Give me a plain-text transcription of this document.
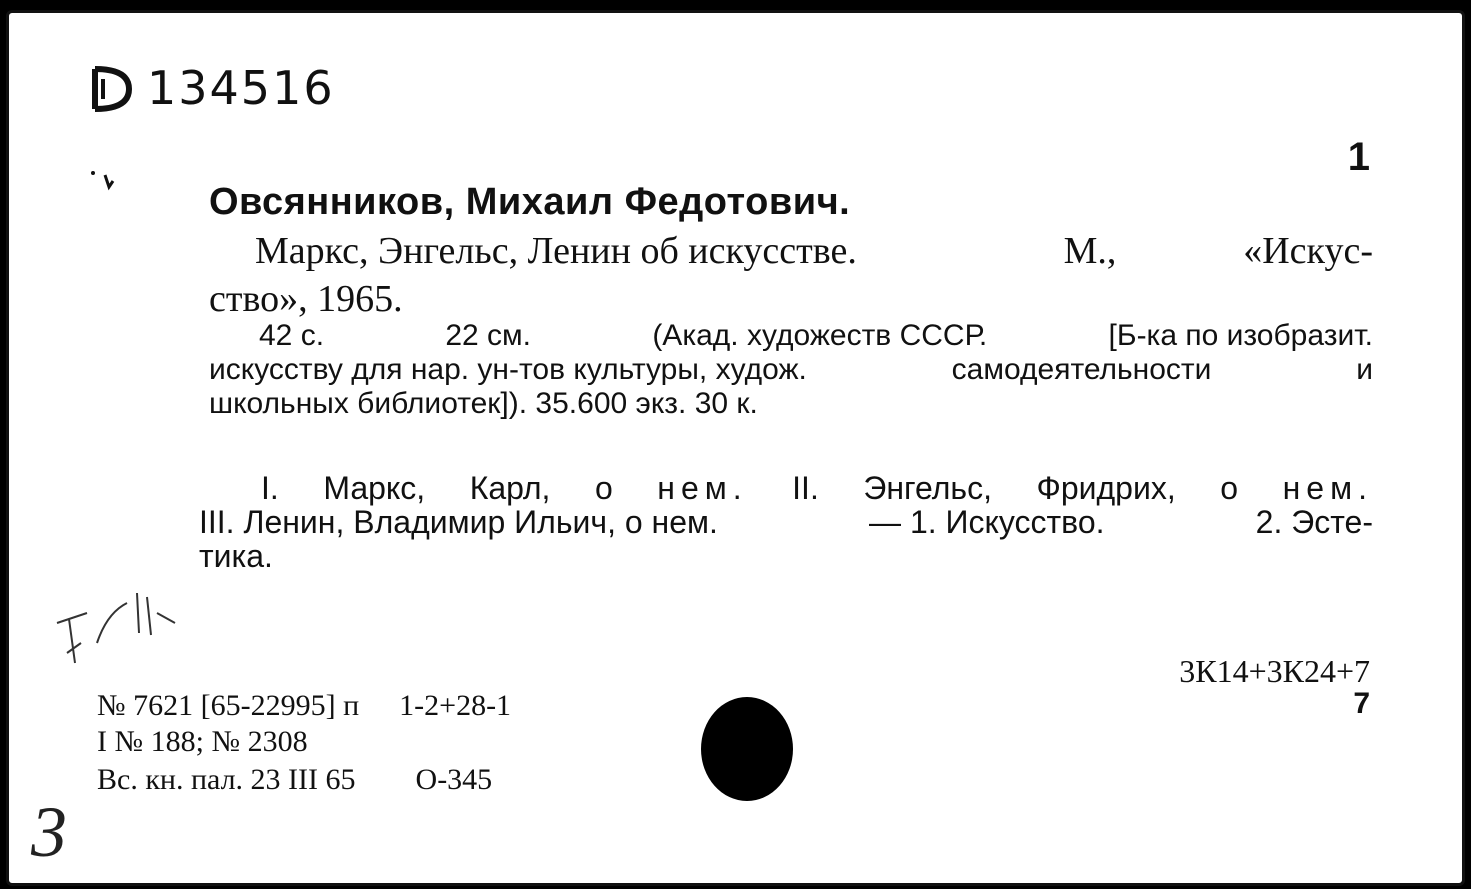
134516
1
Овсянников, Михаил Федотович.
Маркс, Энгельс, Ленин об искусстве.	М.,	«Искус-
ство», 1965.
42 с.	22 см.	(Акад. художеств СССР.	[Б-ка по изобразит.
искусству для нар. ун-тов культуры, худож.	самодеятельности	и
школьных библиотек]). 35.600 экз. 30 к.
I. Маркс, Карл, о нем. II. Энгельс, Фридрих, о нем.
III. Ленин, Владимир Ильич, о нем.	— 1. Искусство.	2. Эсте-
тика.
3К14+3К24+7
7
№ 7621 [65-22995] п 1-2+28-1
I № 188; № 2308
Вс. кн. пал. 23 III 65 О-345
3
